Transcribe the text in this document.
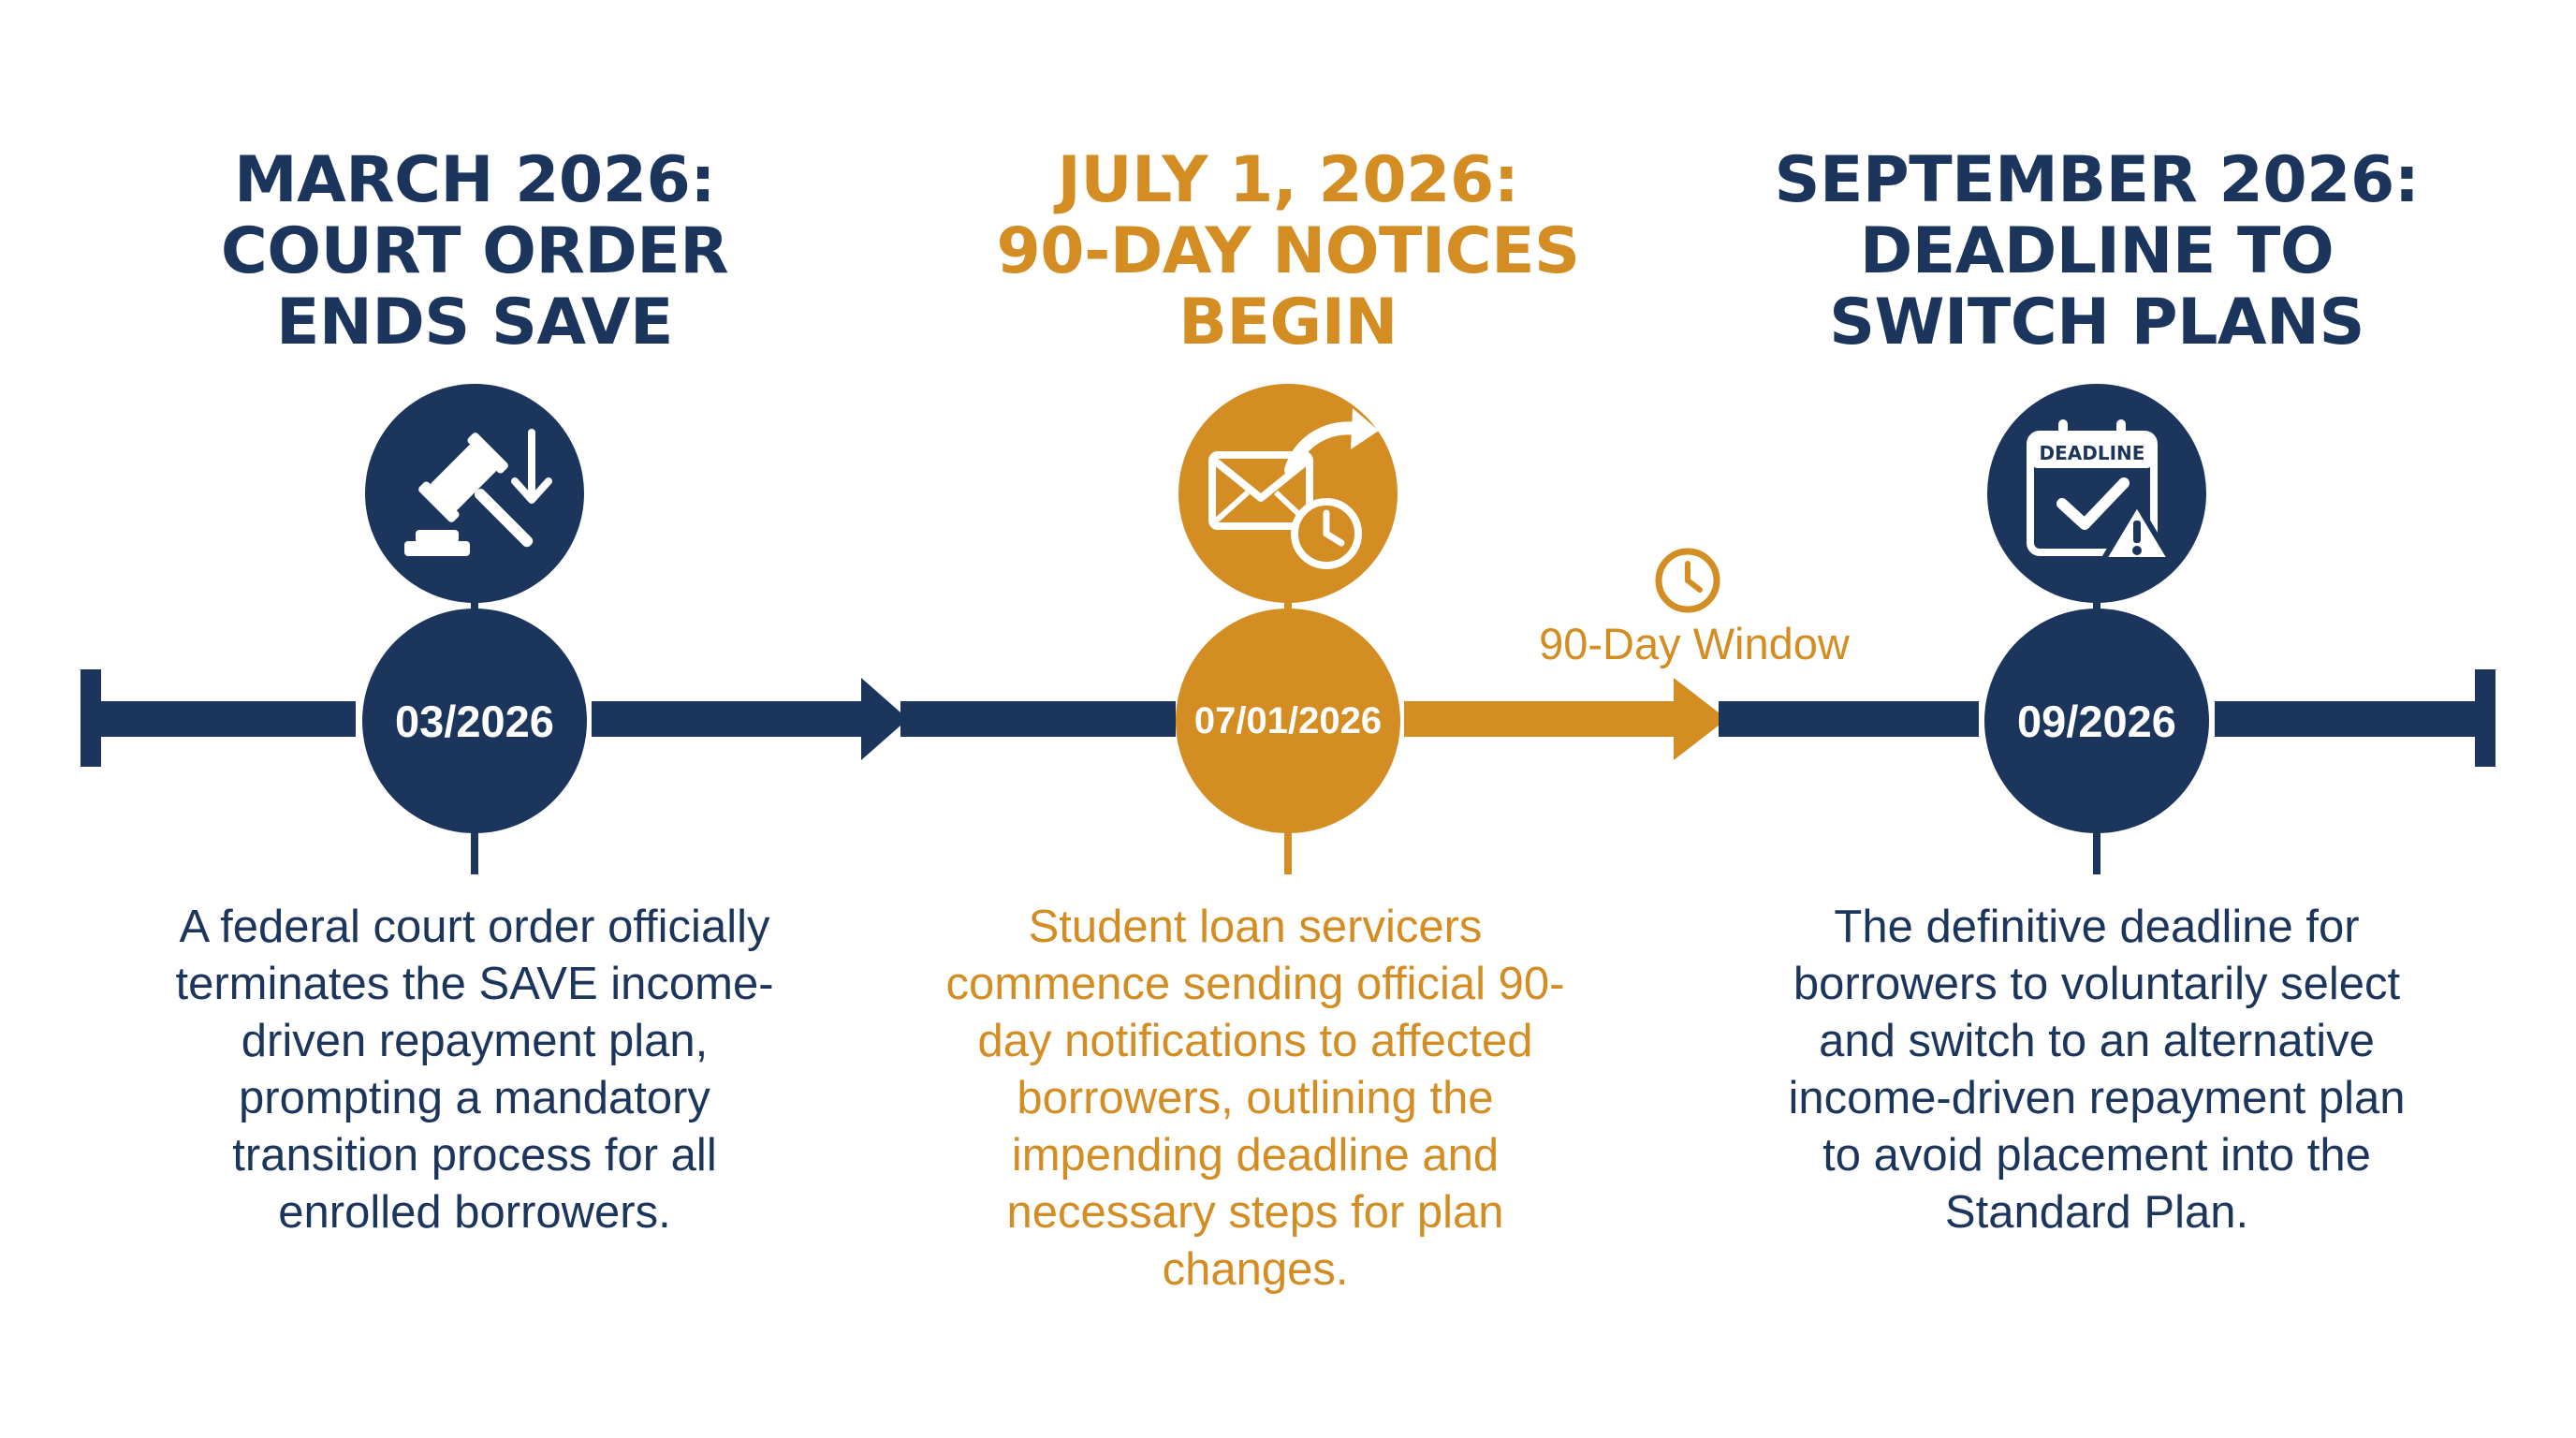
90-Day Window
MARCH 2026:
COURT ORDER
ENDS SAVE
03/2026

A federal court order officially terminates the SAVE income-driven repayment plan, prompting a mandatory transition process for all enrolled borrowers.

JULY 1, 2026:
90-DAY NOTICES
BEGIN
07/01/2026

Student loan servicers commence sending official 90-day notifications to affected borrowers, outlining the impending deadline and necessary steps for plan changes.

SEPTEMBER 2026:
DEADLINE TO
SWITCH PLANS
DEADLINE
09/2026

The definitive deadline for borrowers to voluntarily select and switch to an alternative income-driven repayment plan to avoid placement into the Standard Plan.
